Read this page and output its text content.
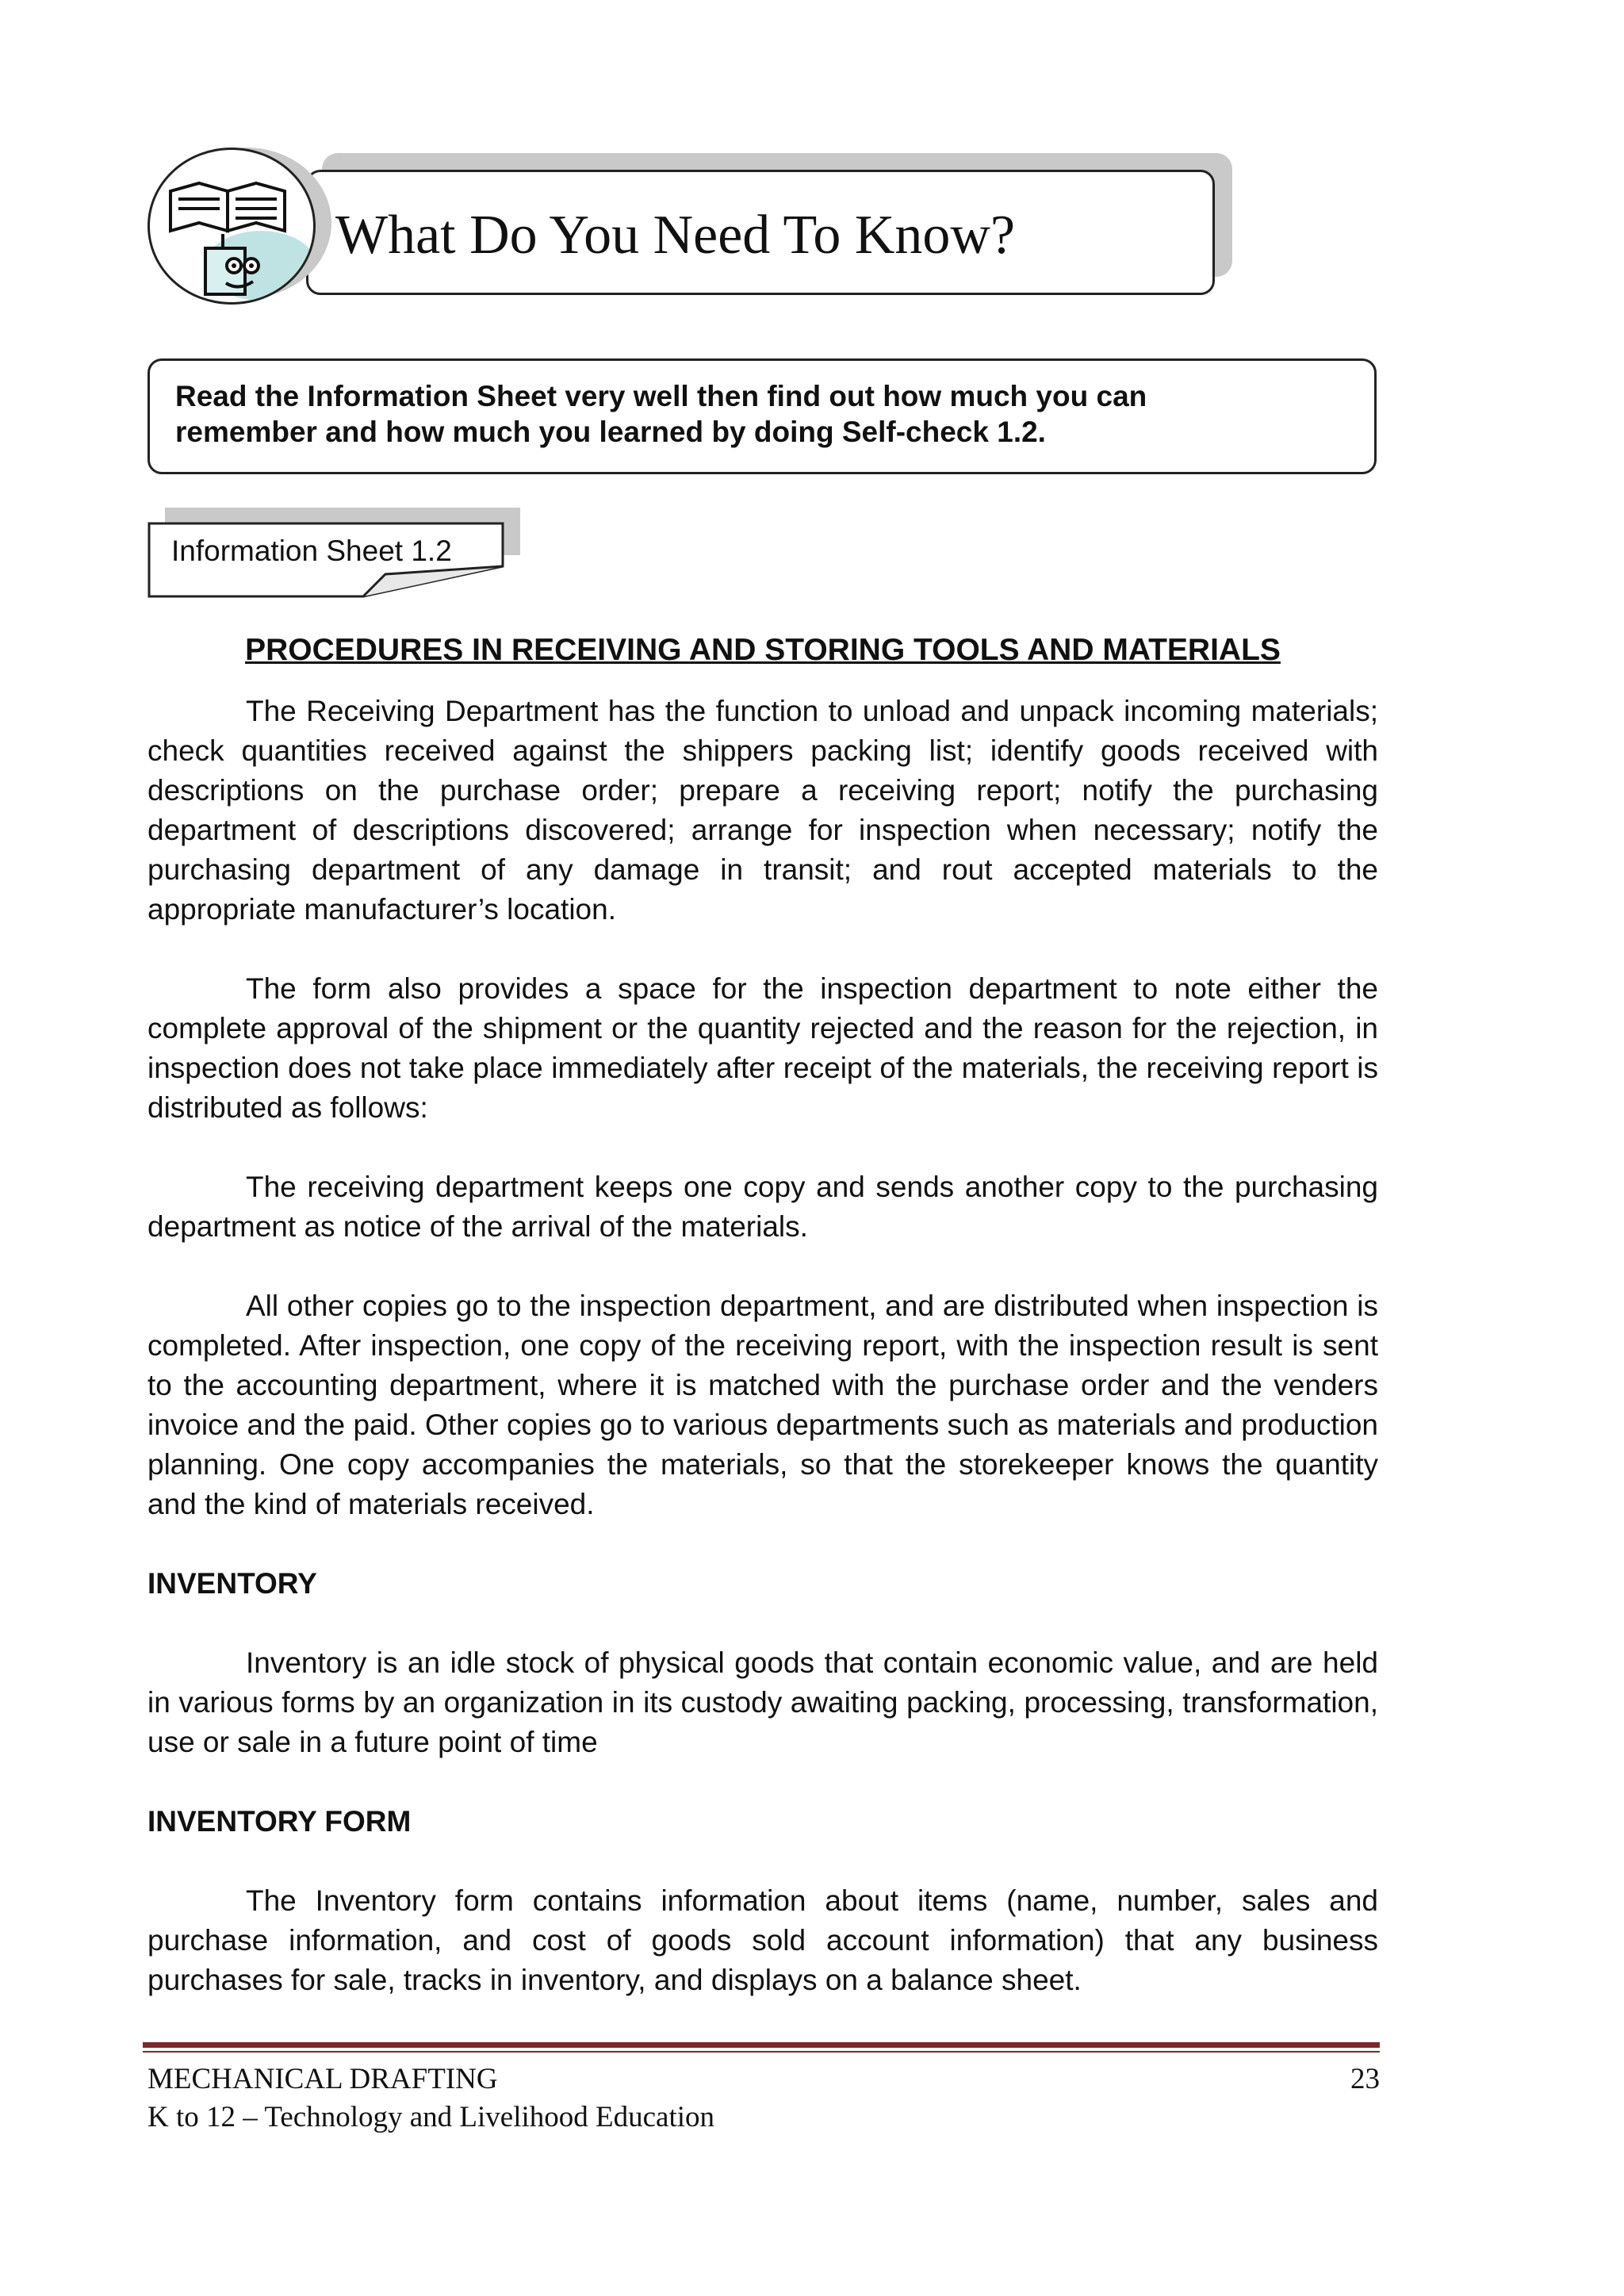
What Do You Need To Know?
Read the Information Sheet very well then find out how much you can
remember and how much you learned by doing Self-check 1.2.
Information Sheet 1.2

PROCEDURES IN RECEIVING AND STORING TOOLS AND MATERIALS

The Receiving Department has the function to unload and unpack incoming materials; check quantities received against the shippers packing list; identify goods received with descriptions on the purchase order; prepare a receiving report; notify the purchasing department of descriptions discovered; arrange for inspection when necessary; notify the purchasing department of any damage in transit; and rout accepted materials to the appropriate manufacturer’s location.

The form also provides a space for the inspection department to note either the complete approval of the shipment or the quantity rejected and the reason for the rejection, in inspection does not take place immediately after receipt of the materials, the receiving report is distributed as follows:

The receiving department keeps one copy and sends another copy to the purchasing department as notice of the arrival of the materials.

All other copies go to the inspection department, and are distributed when inspection is completed. After inspection, one copy of the receiving report, with the inspection result is sent to the accounting department, where it is matched with the purchase order and the venders invoice and the paid. Other copies go to various departments such as materials and production planning. One copy accompanies the materials, so that the storekeeper knows the quantity and the kind of materials received.

INVENTORY

Inventory is an idle stock of physical goods that contain economic value, and are held in various forms by an organization in its custody awaiting packing, processing, transformation, use or sale in a future point of time

INVENTORY FORM

The Inventory form contains information about items (name, number, sales and purchase information, and cost of goods sold account information) that any business purchases for sale, tracks in inventory, and displays on a balance sheet.

MECHANICAL DRAFTING
K to 12 – Technology and Livelihood Education
23
